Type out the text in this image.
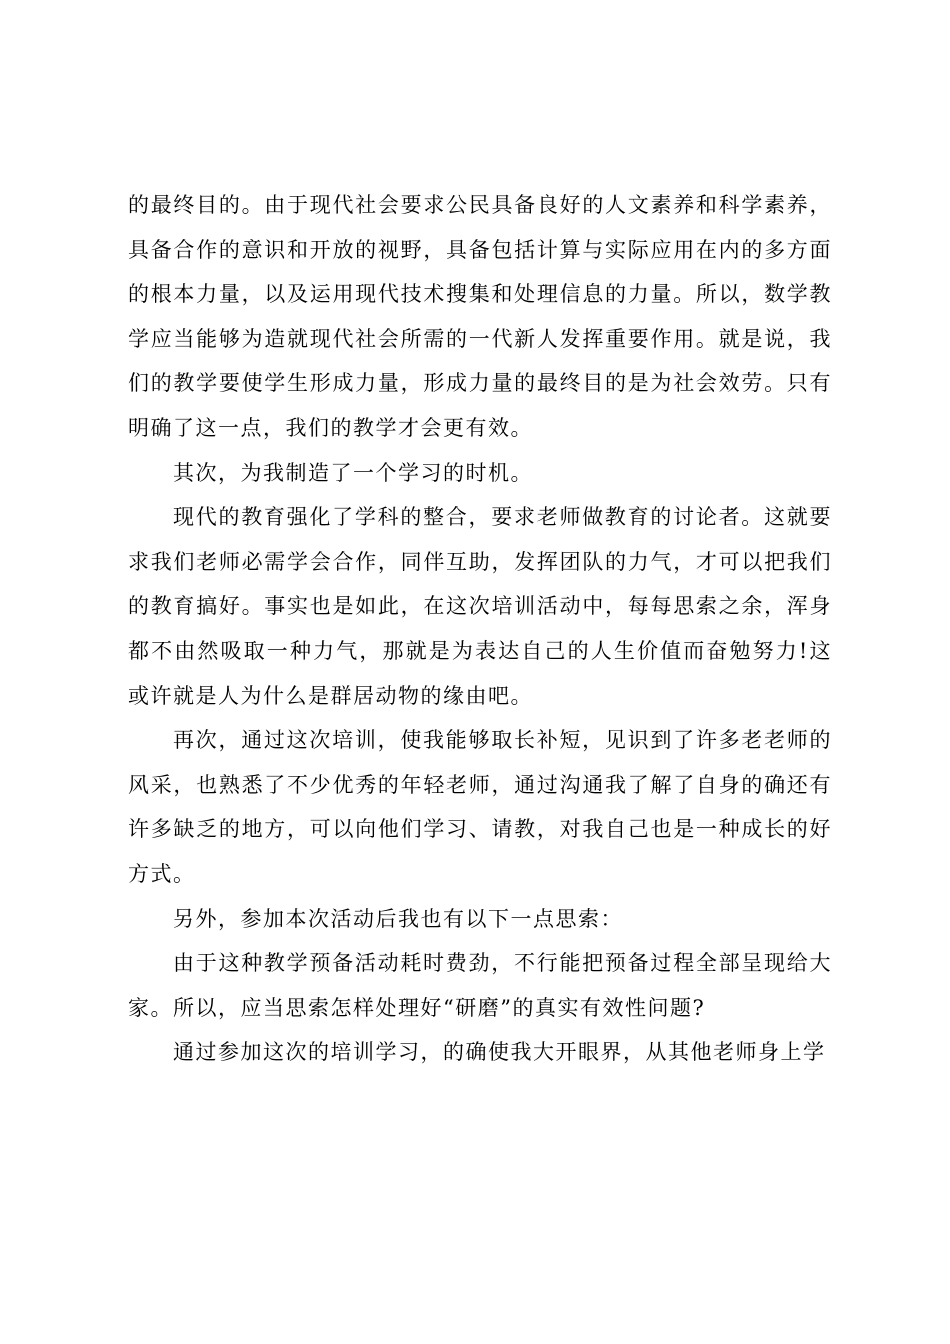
的最终目的。由于现代社会要求公民具备良好的人文素养和科学素养，具备合作的意识和开放的视野，具备包括计算与实际应用在内的多方面的根本力量，以及运用现代技术搜集和处理信息的力量。所以，数学教学应当能够为造就现代社会所需的一代新人发挥重要作用。就是说，我们的教学要使学生形成力量，形成力量的最终目的是为社会效劳。只有明确了这一点，我们的教学才会更有效。

其次，为我制造了一个学习的时机。

现代的教育强化了学科的整合，要求老师做教育的讨论者。这就要求我们老师必需学会合作，同伴互助，发挥团队的力气，才可以把我们的教育搞好。事实也是如此，在这次培训活动中，每每思索之余，浑身都不由然吸取一种力气，那就是为表达自己的人生价值而奋勉努力!这或许就是人为什么是群居动物的缘由吧。

再次，通过这次培训，使我能够取长补短，见识到了许多老老师的风采，也熟悉了不少优秀的年轻老师，通过沟通我了解了自身的确还有许多缺乏的地方，可以向他们学习、请教，对我自己也是一种成长的好方式。

另外，参加本次活动后我也有以下一点思索：

由于这种教学预备活动耗时费劲，不行能把预备过程全部呈现给大家。所以，应当思索怎样处理好“研磨”的真实有效性问题?

通过参加这次的培训学习，的确使我大开眼界，从其他老师身上学
